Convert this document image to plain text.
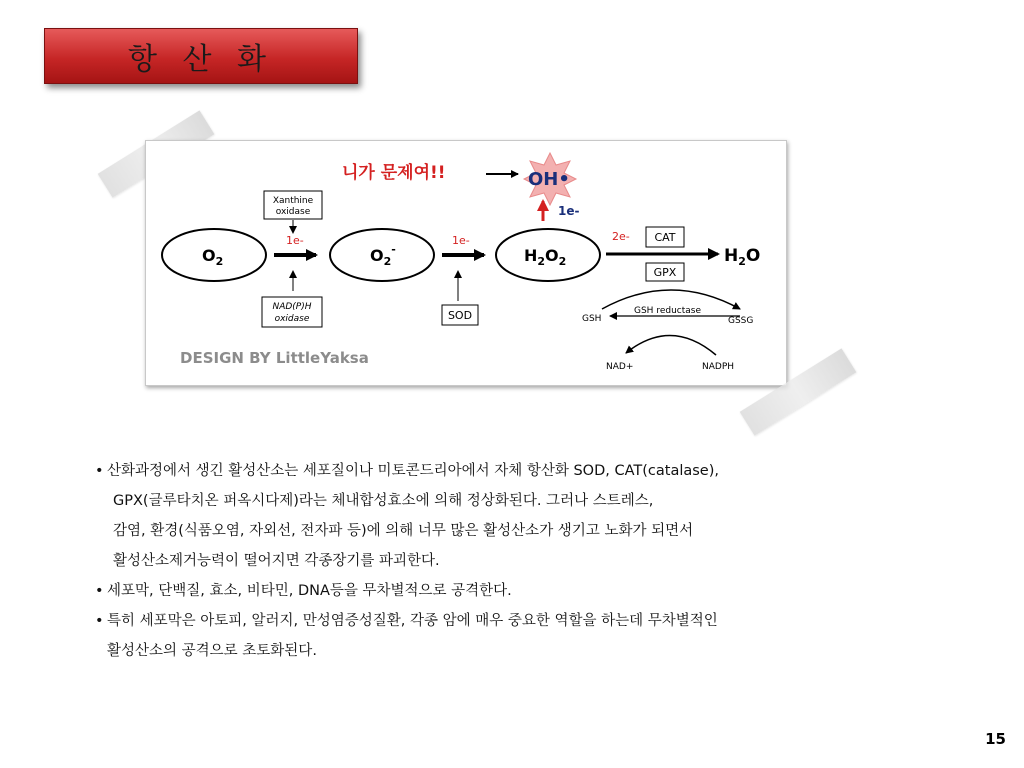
항 산 화
니가 문제여!!	OH•
1e-
Xanthine
oxidase
1e-
$O_2$
NAD(P)H
oxidase
$O_2^-$
1e-
SOD
$H_2O_2$
2e- CAT
GPX
$H_2O$
GSH
GSH reductase
GSSG
NAD+	NADPH
DESIGN BY LittleYaksa
• 산화과정에서 생긴 활성산소는 세포질이나 미토콘드리아에서 자체 항산화 SOD, CAT(catalase),
GPX(글루타치온 퍼옥시다제)라는 체내합성효소에 의해 정상화된다. 그러나 스트레스,
감염, 환경(식품오염, 자외선, 전자파 등)에 의해 너무 많은 활성산소가 생기고 노화가 되면서
활성산소제거능력이 떨어지면 각종장기를 파괴한다.
• 세포막, 단백질, 효소, 비타민, DNA등을 무차별적으로 공격한다.
• 특히 세포막은 아토피, 알러지, 만성염증성질환, 각종 암에 매우 중요한 역할을 하는데 무차별적인
활성산소의 공격으로 초토화된다.
15
